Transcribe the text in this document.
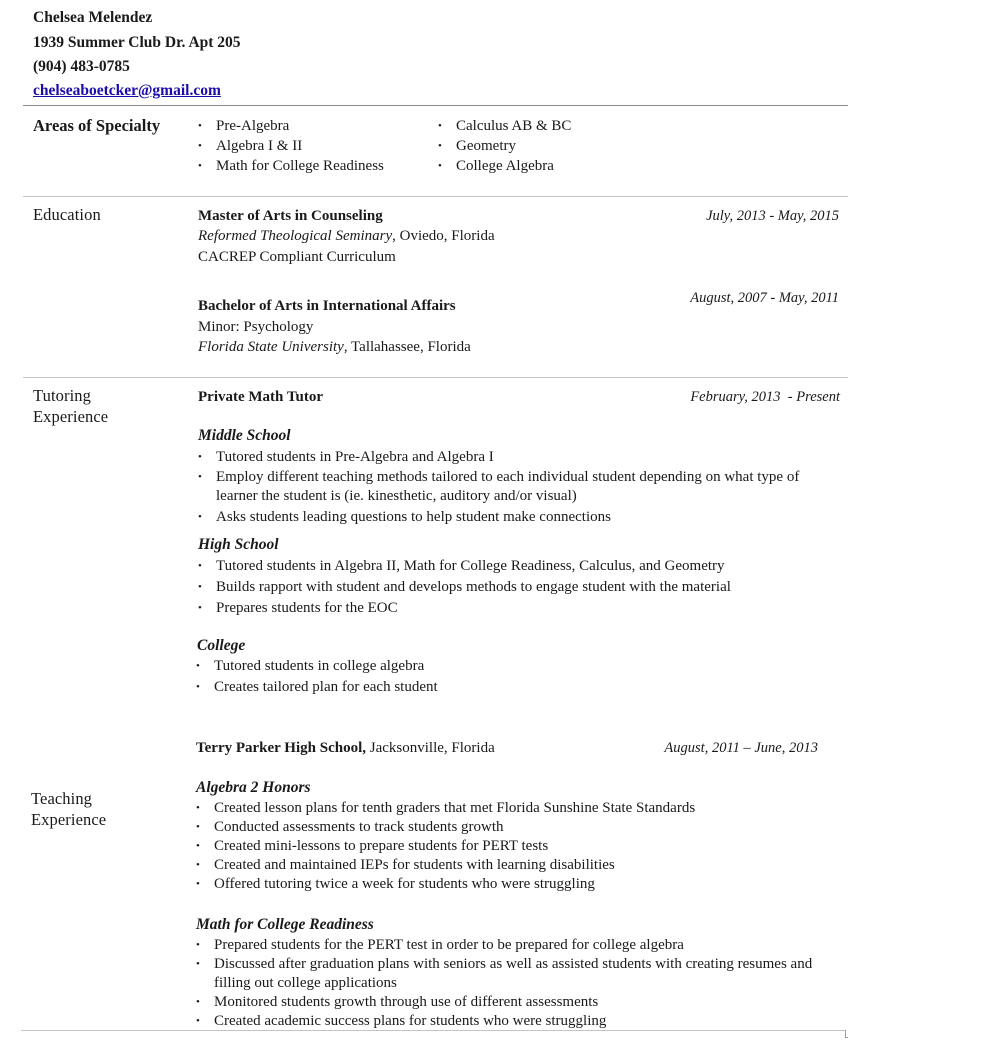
Chelsea Melendez
1939 Summer Club Dr. Apt 205
(904) 483-0785
chelseaboetcker@gmail.com
Areas of Specialty	• Pre-Algebra
• Algebra I & II
• Math for College Readiness
• Calculus AB & BC
• Geometry
• College Algebra
Education	Master of Arts in Counseling	July, 2013 - May, 2015
Reformed Theological Seminary, Oviedo, Florida
CACREP Compliant Curriculum
Bachelor of Arts in International Affairs	August, 2007 - May, 2011
Minor: Psychology
Florida State University, Tallahassee, Florida
Tutoring
Experience
Private Math Tutor	February, 2013  - Present
Middle School
• Tutored students in Pre-Algebra and Algebra I
• Employ different teaching methods tailored to each individual student depending on what type of learner the student is (ie. kinesthetic, auditory and/or visual)
• Asks students leading questions to help student make connections
High School
• Tutored students in Algebra II, Math for College Readiness, Calculus, and Geometry
• Builds rapport with student and develops methods to engage student with the material
• Prepares students for the EOC
College
• Tutored students in college algebra
• Creates tailored plan for each student
Terry Parker High School, Jacksonville, Florida	August, 2011 – June, 2013
Teaching
Experience
Algebra 2 Honors
• Created lesson plans for tenth graders that met Florida Sunshine State Standards
• Conducted assessments to track students growth
• Created mini-lessons to prepare students for PERT tests
• Created and maintained IEPs for students with learning disabilities
• Offered tutoring twice a week for students who were struggling
Math for College Readiness
• Prepared students for the PERT test in order to be prepared for college algebra
• Discussed after graduation plans with seniors as well as assisted students with creating resumes and filling out college applications
• Monitored students growth through use of different assessments
• Created academic success plans for students who were struggling
